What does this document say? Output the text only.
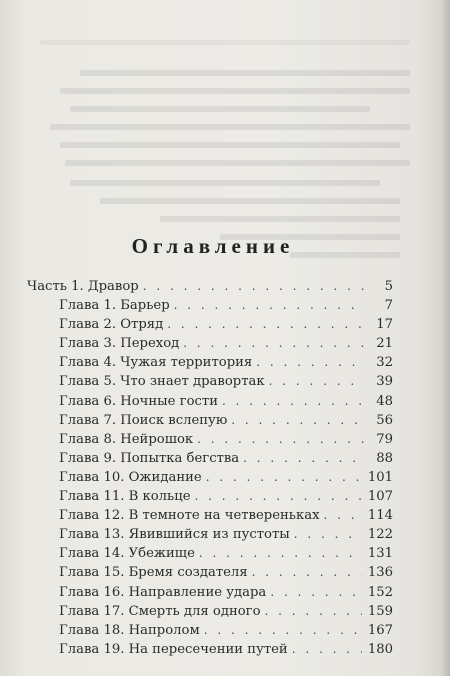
Оглавление
Часть 1. Дравор . . .	5
Глава 1. Барьер . . .	7
Глава 2. Отряд . . .	17
Глава 3. Переход . . .	21
Глава 4. Чужая территория . . .	32
Глава 5. Что знает дравортак . . .	39
Глава 6. Ночные гости . . .	48
Глава 7. Поиск вслепую . . .	56
Глава 8. Нейрошок . . .	79
Глава 9. Попытка бегства . . .	88
Глава 10. Ожидание . . .	101
Глава 11. В кольце . . .	107
Глава 12. В темноте на четвереньках . . .	114
Глава 13. Явившийся из пустоты . . .	122
Глава 14. Убежище . . .	131
Глава 15. Бремя создателя . . .	136
Глава 16. Направление удара . . .	152
Глава 17. Смерть для одного . . .	159
Глава 18. Напролом . . .	167
Глава 19. На пересечении путей . . .	180
